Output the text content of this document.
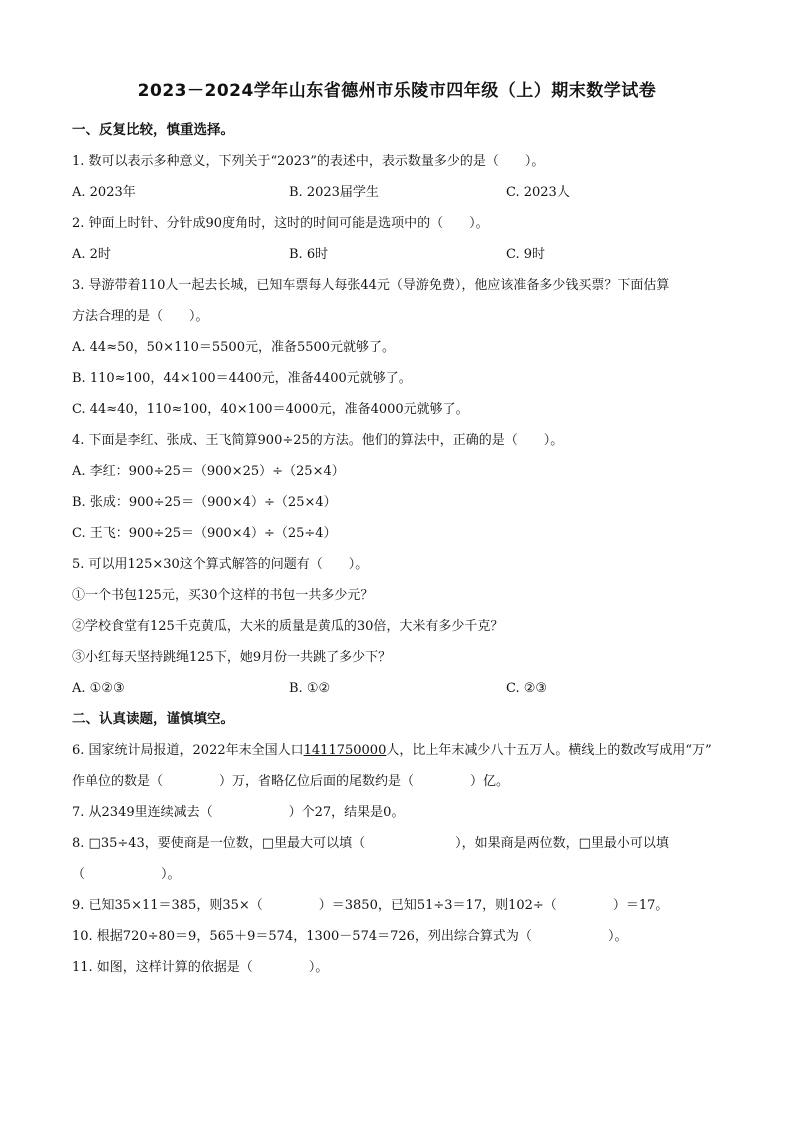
2023－2024学年山东省德州市乐陵市四年级（上）期末数学试卷
一、反复比较，慎重选择。
1. 数可以表示多种意义，下列关于“2023”的表述中，表示数量多少的是（ ）。
A. 2023年	B. 2023届学生	C. 2023人
2. 钟面上时针、分针成90度角时，这时的时间可能是选项中的（ ）。
A. 2时	B. 6时	C. 9时
3. 导游带着110人一起去长城，已知车票每人每张44元（导游免费），他应该准备多少钱买票？下面估算
方法合理的是（ ）。
A. 44≈50，50×110＝5500元，准备5500元就够了。
B. 110≈100，44×100＝4400元，准备4400元就够了。
C. 44≈40，110≈100，40×100＝4000元，准备4000元就够了。
4. 下面是李红、张成、王飞简算900÷25的方法。他们的算法中，正确的是（ ）。
A. 李红：900÷25＝（900×25）÷（25×4）
B. 张成：900÷25＝（900×4）÷（25×4）
C. 王飞：900÷25＝（900×4）÷（25÷4）
5. 可以用125×30这个算式解答的问题有（ ）。
①一个书包125元，买30个这样的书包一共多少元？
②学校食堂有125千克黄瓜，大米的质量是黄瓜的30倍，大米有多少千克？
③小红每天坚持跳绳125下，她9月份一共跳了多少下？
A. ①②③	B. ①②	C. ②③
二、认真读题，谨慎填空。
6. 国家统计局报道，2022年末全国人口1411750000人，比上年末减少八十五万人。横线上的数改写成用“万”
作单位的数是（	）万，省略亿位后面的尾数约是（	）亿。
7. 从2349里连续减去（	）个27，结果是0。
8. □35÷43，要使商是一位数，□里最大可以填（	），如果商是两位数，□里最小可以填
（	）。
9. 已知35×11＝385，则35×（	）＝3850，已知51÷3＝17，则102÷（	）＝17。
10. 根据720÷80＝9，565＋9＝574，1300－574＝726，列出综合算式为（	）。
11. 如图，这样计算的依据是（	）。
